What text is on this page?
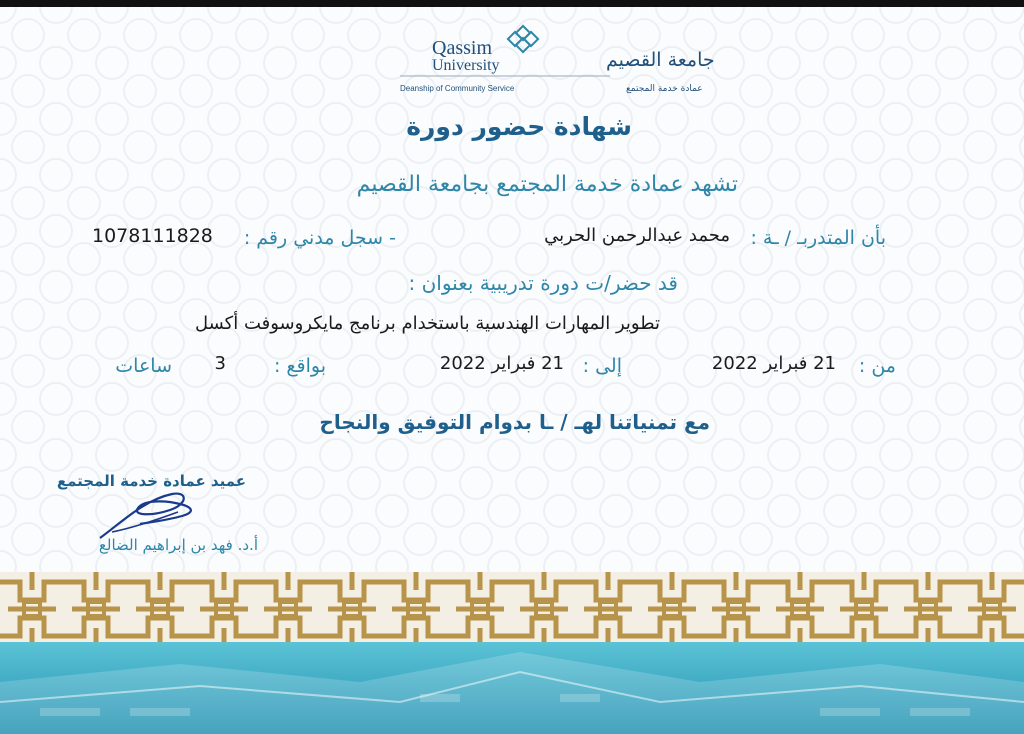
Qassim
University	جامعة القصيم
Deanship of Community Service	عمادة خدمة المجتمع
شهادة حضور دورة
تشهد عمادة خدمة المجتمع بجامعة القصيم
بأن المتدربـ / ـة :
محمد عبدالرحمن الحربي
- سجل مدني رقم :
1078111828
قد حضر/ت دورة تدريبية بعنوان :
تطوير المهارات الهندسية باستخدام برنامج مايكروسوفت أكسل
من :
21 فبراير 2022
إلى :
21 فبراير 2022
بواقع :
3
ساعات
مع تمنياتنا لهـ / ـا بدوام التوفيق والنجاح
عميد عمادة خدمة المجتمع
أ.د. فهد بن إبراهيم الضالع
